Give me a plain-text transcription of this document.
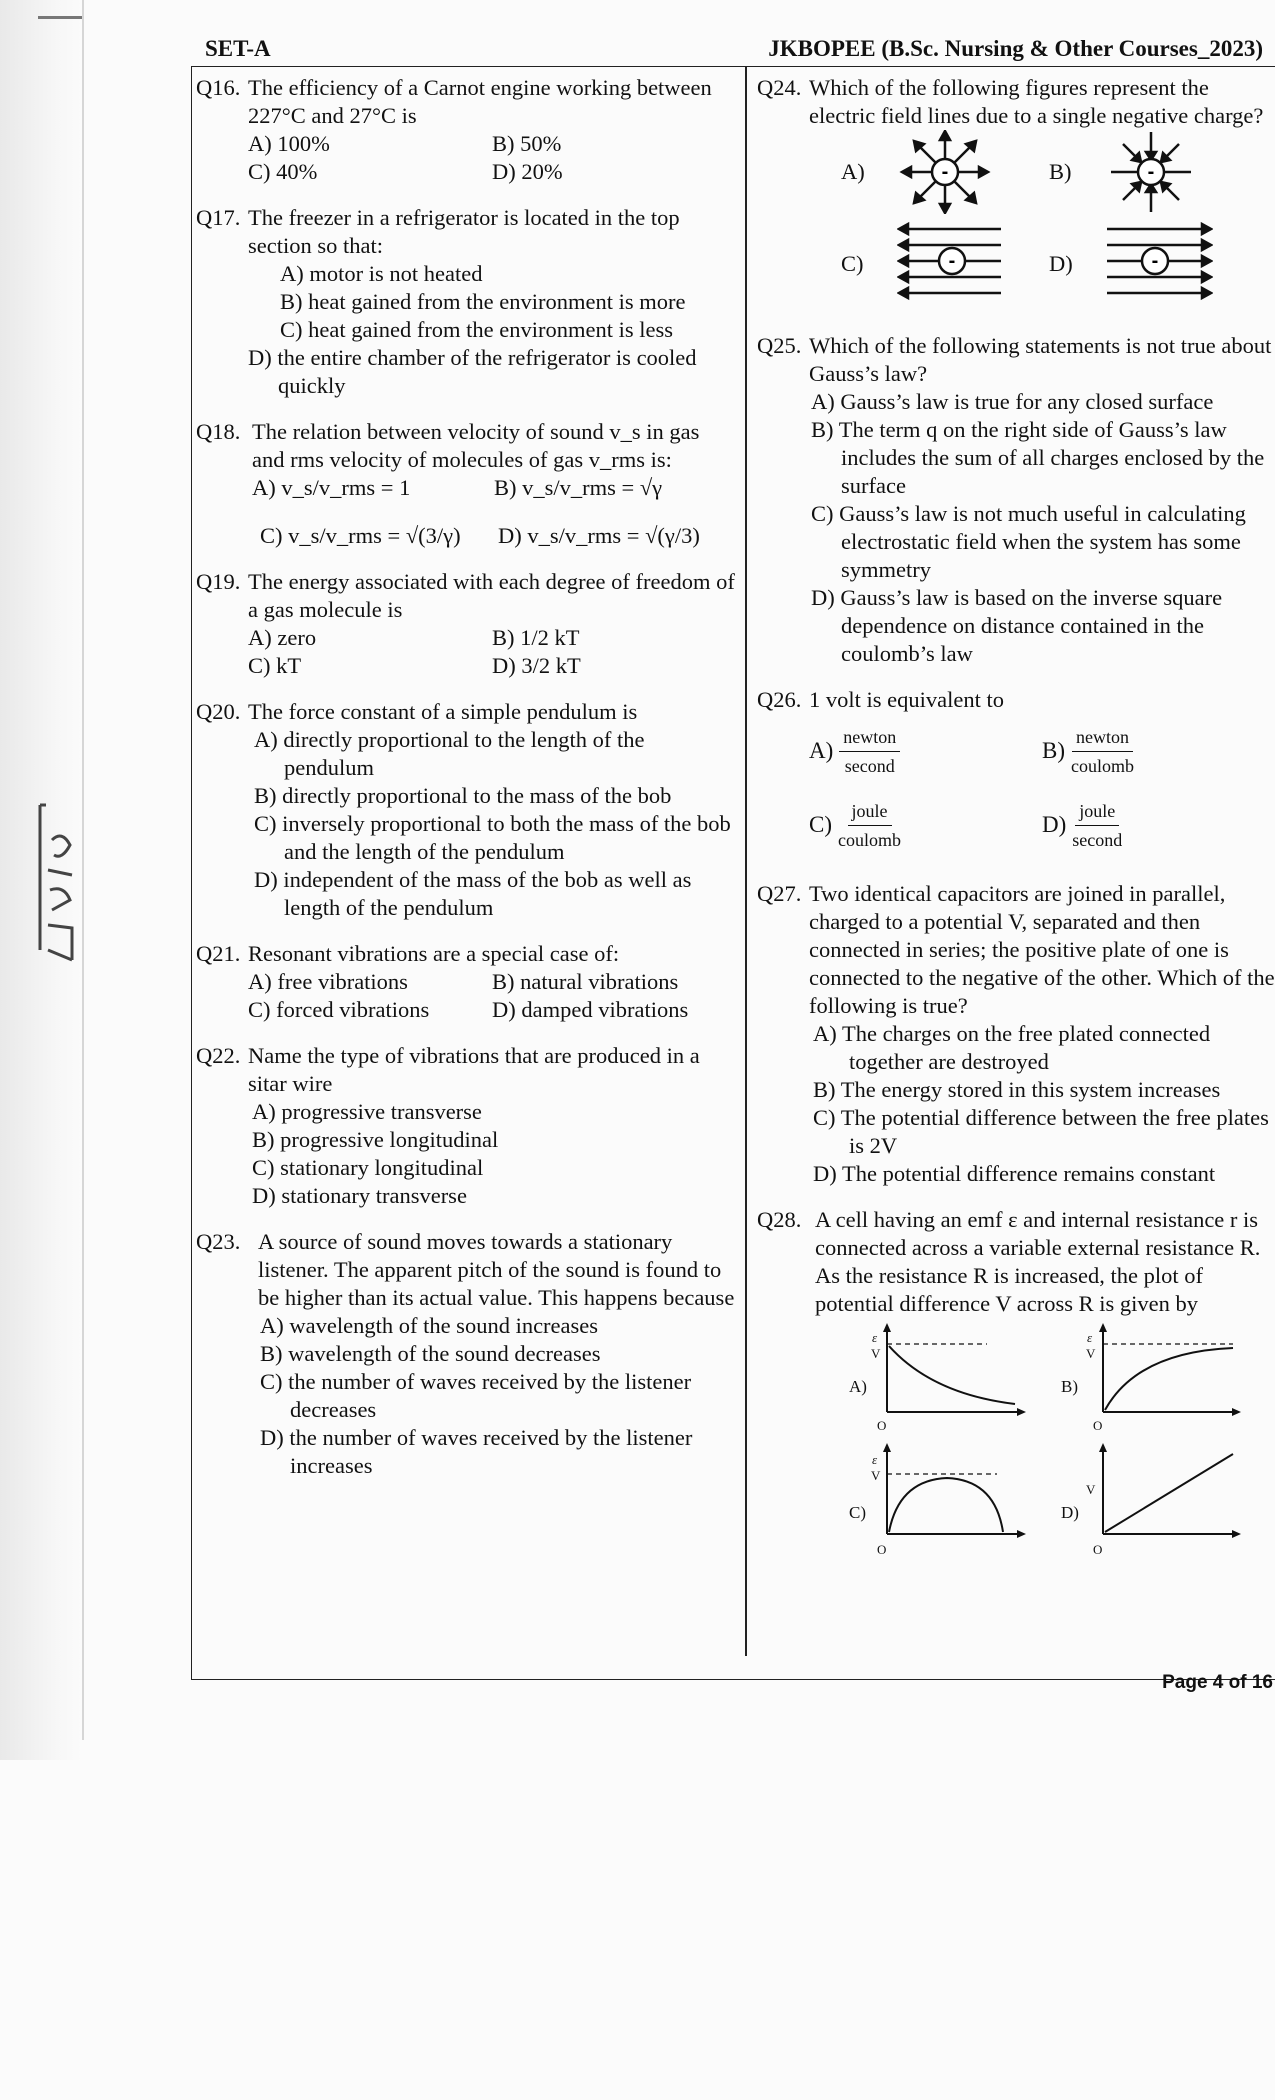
SET-A	JKBOPEE (B.Sc. Nursing & Other Courses_2023)
Q16. The efficiency of a Carnot engine working between 227°C and 27°C is
A) 100%	B) 50%
C) 40%	D) 20%
Q17. The freezer in a refrigerator is located in the top section so that:
A) motor is not heated
B) heat gained from the environment is more
C) heat gained from the environment is less
D) the entire chamber of the refrigerator is cooled quickly
Q18. The relation between velocity of sound v_s in gas and rms velocity of molecules of gas v_rms is:
A) v_s/v_rms = 1	B) v_s/v_rms = √γ
C) v_s/v_rms = √(3/γ)	D) v_s/v_rms = √(γ/3)
Q19. The energy associated with each degree of freedom of a gas molecule is
A) zero	B) 1/2 kT
C) kT	D) 3/2 kT
Q20. The force constant of a simple pendulum is
A) directly proportional to the length of the pendulum
B) directly proportional to the mass of the bob
C) inversely proportional to both the mass of the bob and the length of the pendulum
D) independent of the mass of the bob as well as length of the pendulum
Q21. Resonant vibrations are a special case of:
A) free vibrations	B) natural vibrations
C) forced vibrations	D) damped vibrations
Q22. Name the type of vibrations that are produced in a sitar wire
A) progressive transverse
B) progressive longitudinal
C) stationary longitudinal
D) stationary transverse
Q23. A source of sound moves towards a stationary listener. The apparent pitch of the sound is found to be higher than its actual value. This happens because
A) wavelength of the sound increases
B) wavelength of the sound decreases
C) the number of waves received by the listener decreases
D) the number of waves received by the listener increases
Q24. Which of the following figures represent the electric field lines due to a single negative charge?
A)	-	B)	-
C)	-	D)	-
Q25. Which of the following statements is not true about Gauss’s law?
A) Gauss’s law is true for any closed surface
B) The term q on the right side of Gauss’s law includes the sum of all charges enclosed by the surface
C) Gauss’s law is not much useful in calculating electrostatic field when the system has some symmetry
D) Gauss’s law is based on the inverse square dependence on distance contained in the coulomb’s law
Q26. 1 volt is equivalent to
$A) \frac{\text{newton}}{\text{second}}$	$B) \frac{\text{newton}}{\text{coulomb}}$
$C) \frac{\text{joule}}{\text{coulomb}}$	$D) \frac{\text{joule}}{\text{second}}$
Q27. Two identical capacitors are joined in parallel, charged to a potential V, separated and then connected in series; the positive plate of one is connected to the negative of the other. Which of the following is true?
A) The charges on the free plated connected together are destroyed
B) The energy stored in this system increases
C) The potential difference between the free plates is 2V
D) The potential difference remains constant
Q28. A cell having an emf ε and internal resistance r is connected across a variable external resistance R. As the resistance R is increased, the plot of potential difference V across R is given by
A)
ε
V
O
B)
ε
V
O
C)
ε
V
O
D)
V
O
Page 4 of 16
